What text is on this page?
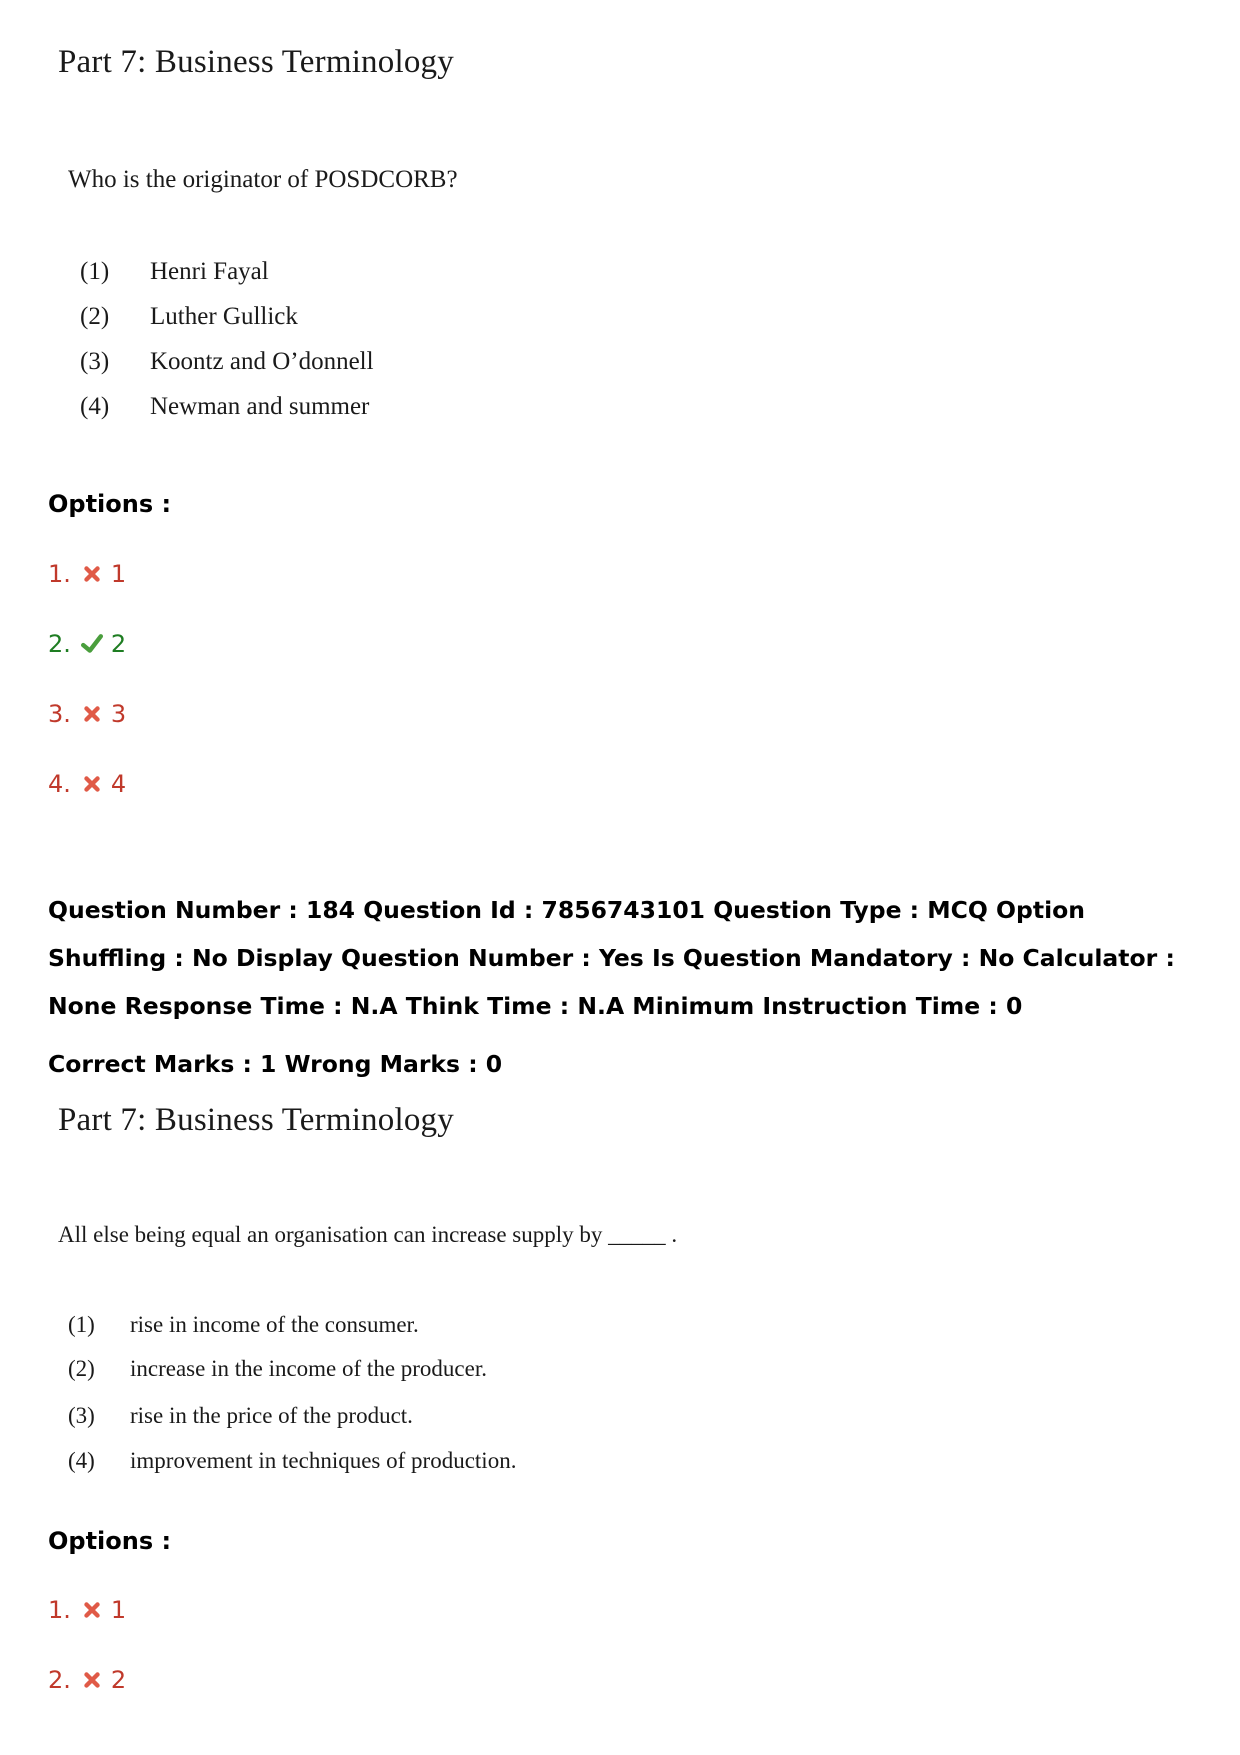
Part 7: Business Terminology
Who is the originator of POSDCORB?
(1)	Henri Fayal
(2)	Luther Gullick
(3)	Koontz and O’donnell
(4)	Newman and summer
Options :
1. 1
2. 2
3. 3
4. 4
Question Number : 184 Question Id : 7856743101 Question Type : MCQ Option Shuffling : No Display Question Number : Yes Is Question Mandatory : No Calculator : None Response Time : N.A Think Time : N.A Minimum Instruction Time : 0
Correct Marks : 1 Wrong Marks : 0
Part 7: Business Terminology
All else being equal an organisation can increase supply by _____ .
(1)	rise in income of the consumer.
(2)	increase in the income of the producer.
(3)	rise in the price of the product.
(4)	improvement in techniques of production.
Options :
1. 1
2. 2
